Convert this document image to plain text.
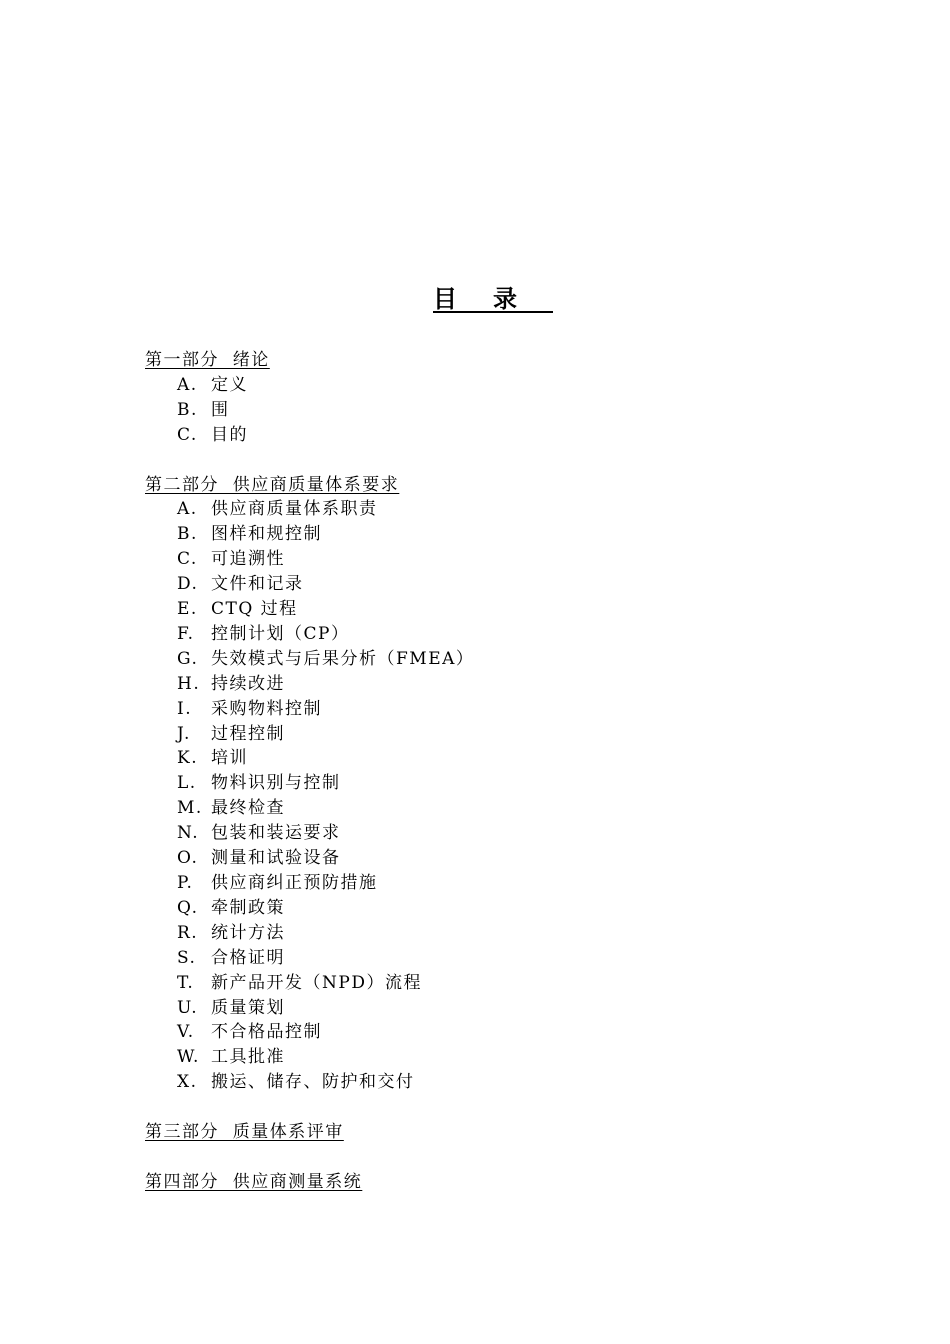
目录
第一部分  绪论
A. 定义
B. 围
C. 目的
第二部分  供应商质量体系要求
A. 供应商质量体系职责
B. 图样和规控制
C. 可追溯性
D. 文件和记录
E. CTQ 过程
F. 控制计划（CP）
G. 失效模式与后果分析（FMEA）
H. 持续改进
I. 采购物料控制
J. 过程控制
K. 培训
L. 物料识别与控制
M. 最终检查
N. 包装和装运要求
O. 测量和试验设备
P. 供应商纠正预防措施
Q. 牵制政策
R. 统计方法
S. 合格证明
T. 新产品开发（NPD）流程
U. 质量策划
V. 不合格品控制
W. 工具批准
X. 搬运、储存、防护和交付
第三部分  质量体系评审
第四部分  供应商测量系统
